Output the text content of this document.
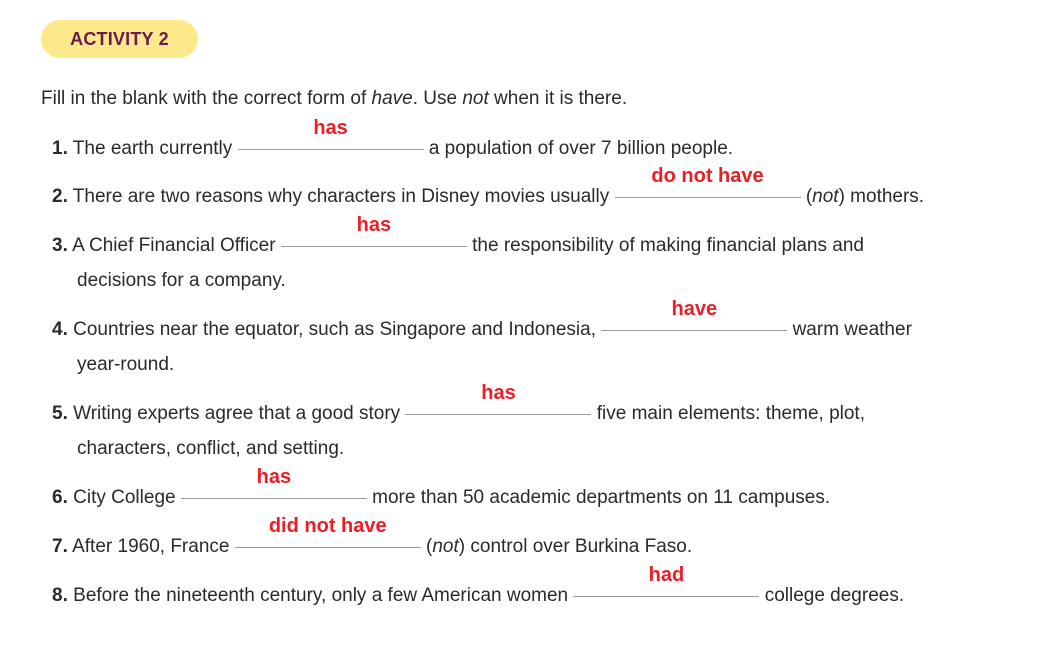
ACTIVITY 2
Fill in the blank with the correct form of have. Use not when it is there.
1. The earth currently
has
a population of over 7 billion people.
2. There are two reasons why characters in Disney movies usually
do not have
(not) mothers.
3. A Chief Financial Officer
has
the responsibility of making financial plans and
decisions for a company.
4. Countries near the equator, such as Singapore and Indonesia,
have
warm weather
year-round.
5. Writing experts agree that a good story
has
five main elements: theme, plot,
characters, conflict, and setting.
6. City College
has
more than 50 academic departments on 11 campuses.
7. After 1960, France
did not have
(not) control over Burkina Faso.
8. Before the nineteenth century, only a few American women
had
college degrees.
